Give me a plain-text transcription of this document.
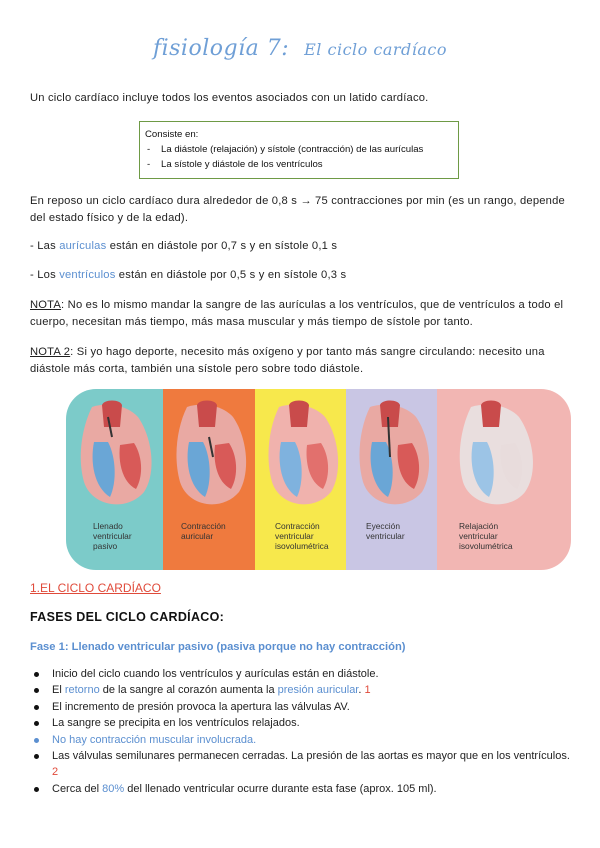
fisiología 7: El ciclo cardíaco
Un ciclo cardíaco incluye todos los eventos asociados con un latido cardíaco.
Consiste en:
- La diástole (relajación) y sístole (contracción) de las aurículas
- La sístole y diástole de los ventrículos
En reposo un ciclo cardíaco dura alrededor de 0,8 s → 75 contracciones por min (es un rango, depende del estado físico y de la edad).
- Las aurículas están en diástole por 0,7 s y en sístole 0,1 s
- Los ventrículos están en diástole por 0,5 s y en sístole 0,3 s
NOTA: No es lo mismo mandar la sangre de las aurículas a los ventrículos, que de ventrículos a todo el cuerpo, necesitan más tiempo, más masa muscular y más tiempo de sístole por tanto.
NOTA 2: Si yo hago deporte, necesito más oxígeno y por tanto más sangre circulando: necesito una diástole más corta, también una sístole pero sobre todo diástole.
Llenado
ventricular
pasivo
Contracción
auricular
Contracción
ventricular
isovolumétrica
Eyección
ventricular
Relajación
ventricular
isovolumétrica
1.EL CICLO CARDÍACO
FASES DEL CICLO CARDÍACO:
Fase 1: Llenado ventricular pasivo (pasiva porque no hay contracción)
Inicio del ciclo cuando los ventrículos y aurículas están en diástole.
El retorno de la sangre al corazón aumenta la presión auricular. 1
El incremento de presión provoca la apertura las válvulas AV.
La sangre se precipita en los ventrículos relajados.
No hay contracción muscular involucrada.
Las válvulas semilunares permanecen cerradas. La presión de las aortas es mayor que en los ventrículos. 2
Cerca del 80% del llenado ventricular ocurre durante esta fase (aprox. 105 ml).
